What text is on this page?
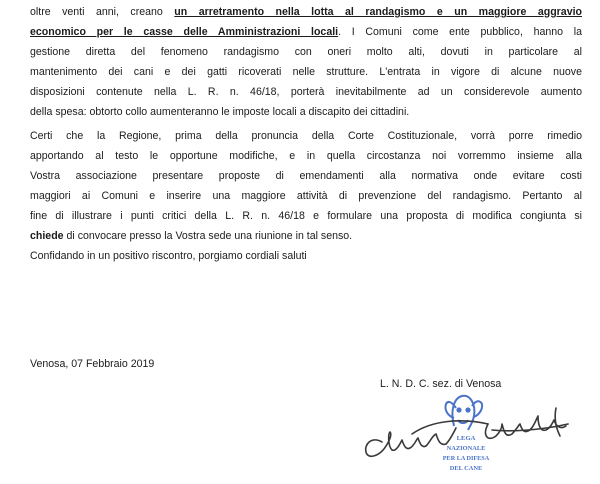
oltre venti anni, creano un arretramento nella lotta al randagismo e un maggiore aggravio
economico per le casse delle Amministrazioni locali. I Comuni come ente pubblico, hanno la
gestione diretta del fenomeno randagismo con oneri molto alti, dovuti in particolare al
mantenimento dei cani e dei gatti ricoverati nelle strutture. L'entrata in vigore di alcune nuove
disposizioni contenute nella L. R. n. 46/18, porterà inevitabilmente ad un considerevole aumento
della spesa: obtorto collo aumenteranno le imposte locali a discapito dei cittadini.
Certi che la Regione, prima della pronuncia della Corte Costituzionale, vorrà porre rimedio
apportando al testo le opportune modifiche, e in quella circostanza noi vorremmo insieme alla
Vostra associazione presentare proposte di emendamenti alla normativa onde evitare costi
maggiori ai Comuni e inserire una maggiore attività di prevenzione del randagismo. Pertanto al
fine di illustrare i punti critici della L. R. n. 46/18 e formulare una proposta di modifica congiunta si
chiede di convocare presso la Vostra sede una riunione in tal senso.
Confidando in un positivo riscontro, porgiamo cordiali saluti
Venosa, 07 Febbraio 2019
L. N. D. C. sez. di Venosa
LEGA
NAZIONALE
PER LA DIFESA
DEL CANE
